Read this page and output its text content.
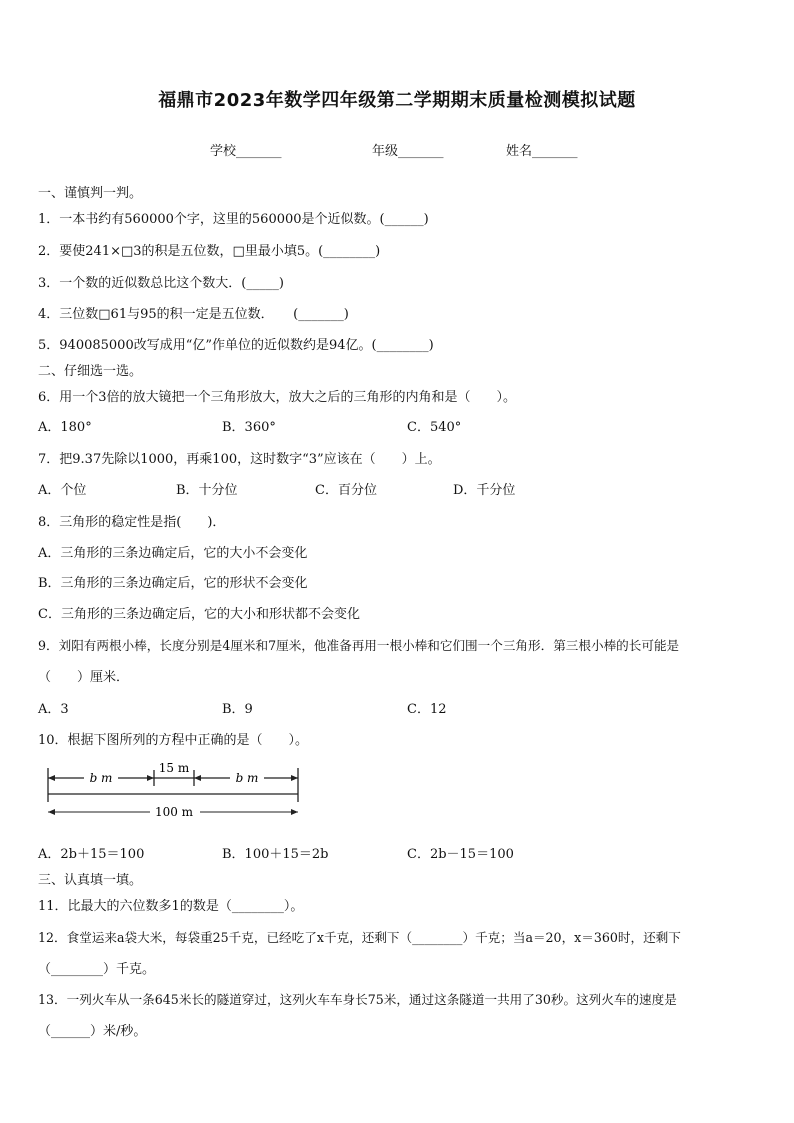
福鼎市2023年数学四年级第二学期期末质量检测模拟试题
学校_______	年级_______	姓名_______
一、谨慎判一判。
1．一本书约有560000个字，这里的560000是个近似数。(______)
2．要使241×□3的积是五位数，□里最小填5。(________)
3．一个数的近似数总比这个数大．(_____)
4．三位数□61与95的积一定是五位数．　　(_______)
5．940085000改写成用“亿”作单位的近似数约是94亿。(________)
二、仔细选一选。
6．用一个3倍的放大镜把一个三角形放大，放大之后的三角形的内角和是（　　）。
A．180°	B．360°	C．540°
7．把9.37先除以1000，再乘100，这时数字“3”应该在（　　）上。
A．个位	B．十分位	C．百分位	D．千分位
8．三角形的稳定性是指(　　)．
A．三角形的三条边确定后，它的大小不会变化
B．三角形的三条边确定后，它的形状不会变化
C．三角形的三条边确定后，它的大小和形状都不会变化
9．刘阳有两根小棒，长度分别是4厘米和7厘米，他准备再用一根小棒和它们围一个三角形．第三根小棒的长可能是
（　　）厘米．
A．3	B．9	C．12
10．根据下图所列的方程中正确的是（　　）。
b m
15 m
b m
100 m
A．2b＋15＝100	B．100＋15＝2b	C．2b－15＝100
三、认真填一填。
11．比最大的六位数多1的数是（________）。
12．食堂运来a袋大米，每袋重25千克，已经吃了x千克，还剩下（________）千克；当a＝20，x＝360时，还剩下
（________）千克。
13．一列火车从一条645米长的隧道穿过，这列火车车身长75米，通过这条隧道一共用了30秒。这列火车的速度是
（______）米/秒。
